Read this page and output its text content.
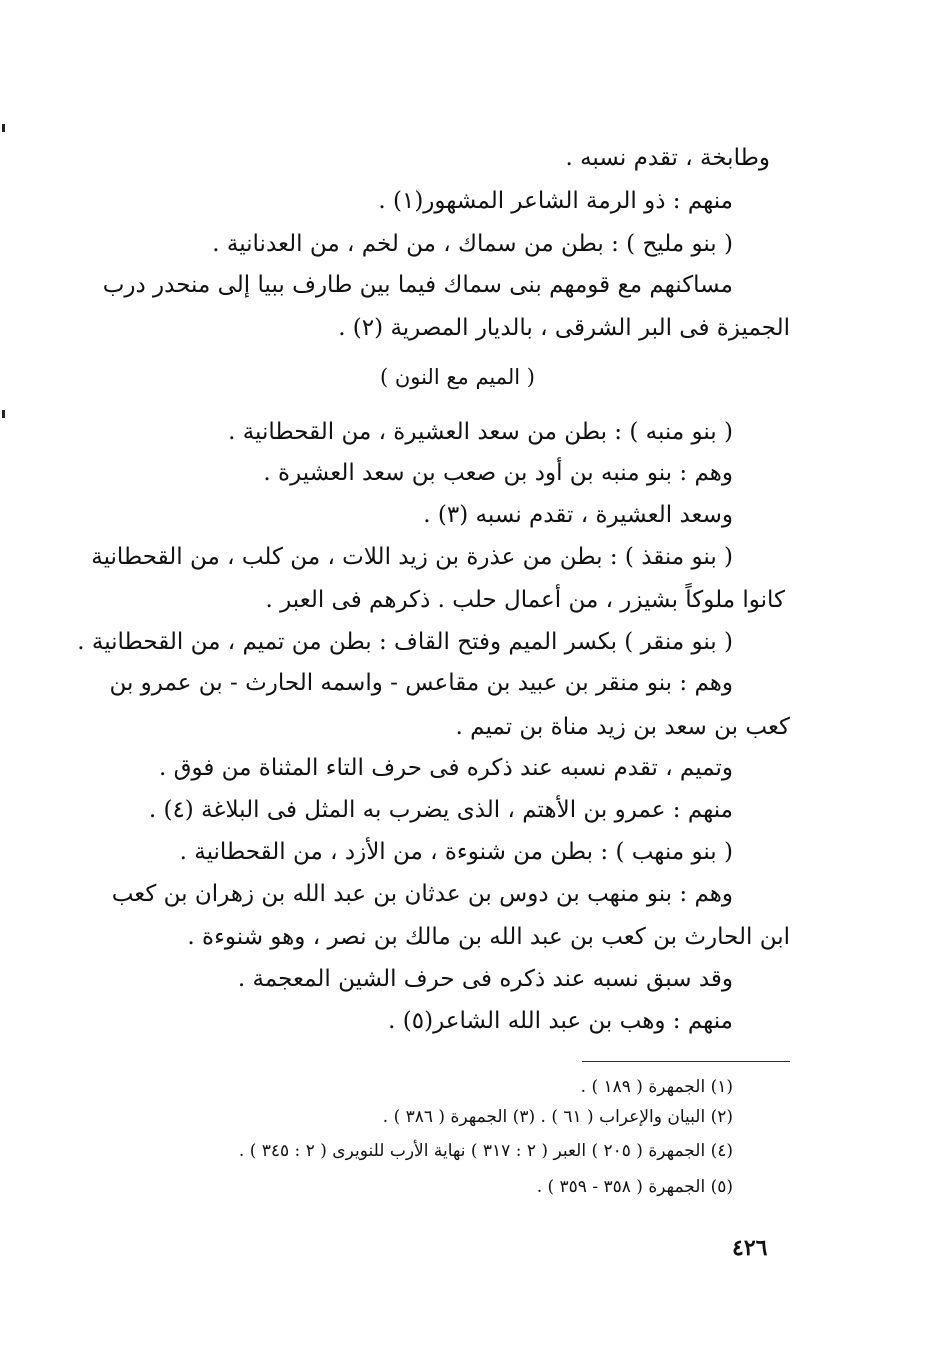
وطابخة ، تقدم نسبه .
منهم : ذو الرمة الشاعر المشهور(١) .
( بنو مليح ) : بطن من سماك ، من لخم ، من العدنانية .
مساكنهم مع قومهم بنى سماك فيما بين طارف ببيا إلى منحدر درب
الجميزة فى البر الشرقى ، بالديار المصرية (٢) .
( الميم مع النون )
( بنو منبه ) : بطن من سعد العشيرة ، من القحطانية .
وهم : بنو منبه بن أود بن صعب بن سعد العشيرة .
وسعد العشيرة ، تقدم نسبه (٣) .
( بنو منقذ ) : بطن من عذرة بن زيد اللات ، من كلب ، من القحطانية
كانوا ملوكاً بشيزر ، من أعمال حلب . ذكرهم فى العبر .
( بنو منقر ) بكسر الميم وفتح القاف : بطن من تميم ، من القحطانية .
وهم : بنو منقر بن عبيد بن مقاعس - واسمه الحارث - بن عمرو بن
كعب بن سعد بن زيد مناة بن تميم .
وتميم ، تقدم نسبه عند ذكره فى حرف التاء المثناة من فوق .
منهم : عمرو بن الأهتم ، الذى يضرب به المثل فى البلاغة (٤) .
( بنو منهب ) : بطن من شنوءة ، من الأزد ، من القحطانية .
وهم : بنو منهب بن دوس بن عدثان بن عبد الله بن زهران بن كعب
ابن الحارث بن كعب بن عبد الله بن مالك بن نصر ، وهو شنوءة .
وقد سبق نسبه عند ذكره فى حرف الشين المعجمة .
منهم : وهب بن عبد الله الشاعر(٥) .
(١) الجمهرة ( ١٨٩ ) .
(٢) البيان والإعراب ( ٦١ ) . (٣) الجمهرة ( ٣٨٦ ) .
(٤) الجمهرة ( ٢٠٥ ) العبر ( ٢ : ٣١٧ ) نهاية الأرب للنويرى ( ٢ : ٣٤٥ ) .
(٥) الجمهرة ( ٣٥٨ - ٣٥٩ ) .
٤٢٦
